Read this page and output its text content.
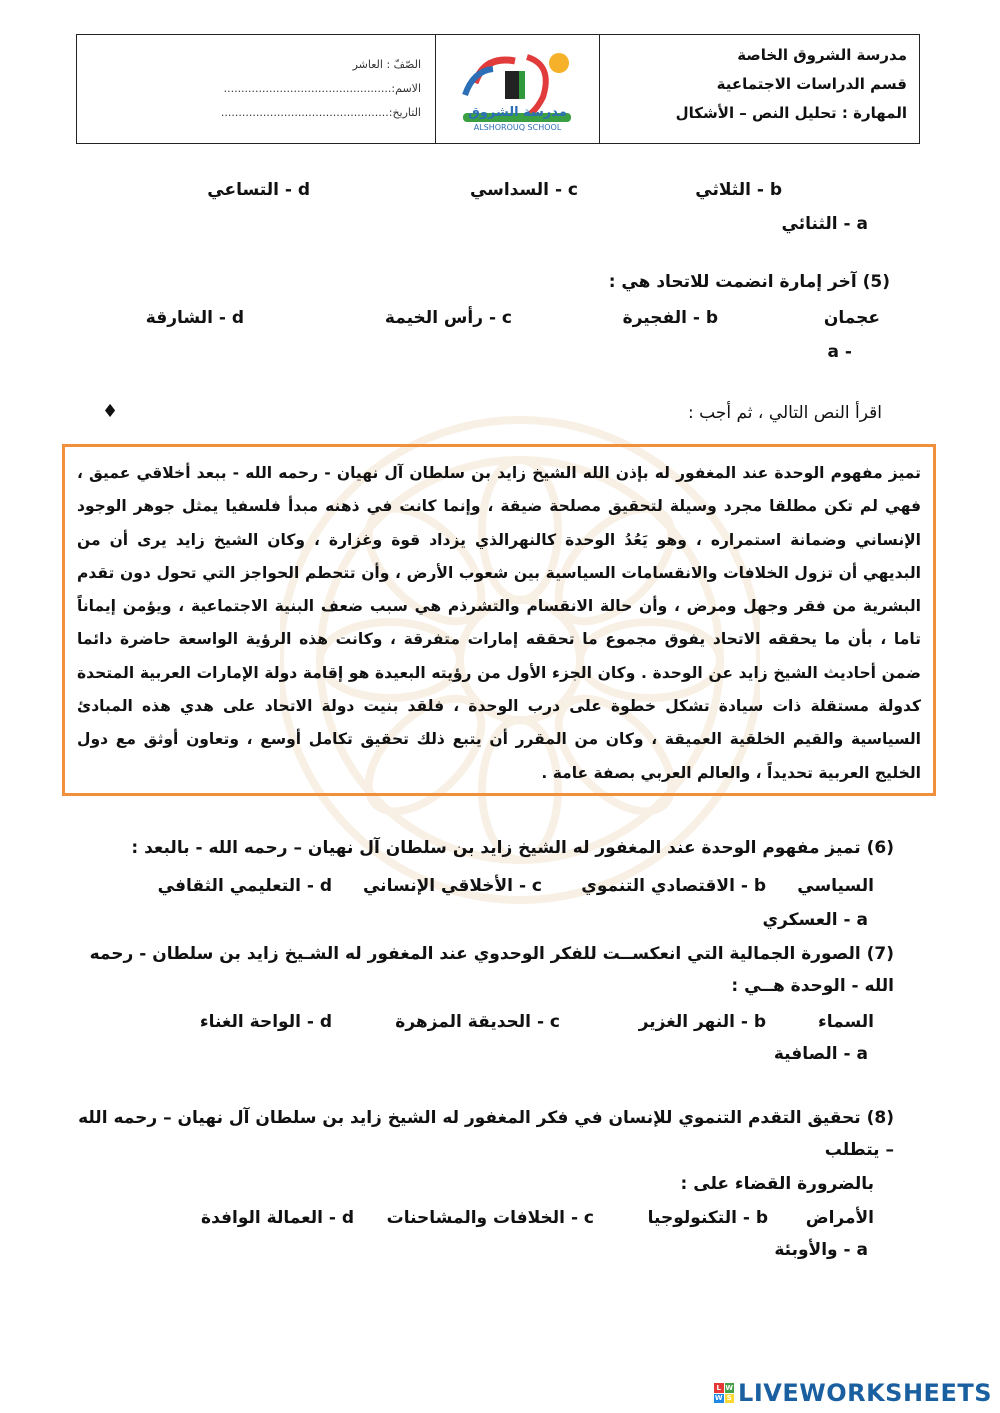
مدرسة الشروق الخاصة
قسم الدراسات الاجتماعية
المهارة : تحليل النص – الأشكال
مدرسة الشروق
ALSHOROUQ SCHOOL
الصّفّ : العاشر
الاسم:................................................
التاريخ:................................................
b - الثلاثي
c - السداسي
d - التساعي
a - الثنائي
(5) آخر إمارة انضمت للاتحاد هي :
عجمان
- a
b - الفجيرة
c - رأس الخيمة
d - الشارقة
اقرأ النص التالي ، ثم أجب :
♦
تميز مفهوم الوحدة عند المغفور له بإذن الله الشيخ زايد بن سلطان آل نهيان - رحمه الله - ببعد أخلاقي عميق ، فهي لم تكن مطلقا مجرد وسيلة لتحقيق مصلحة ضيقة ، وإنما كانت في ذهنه مبدأ فلسفيا يمثل جوهر الوجود الإنساني وضمانة استمراره ، وهو يَعُدُ الوحدة كالنهرالذي يزداد قوة وغزارة ، وكان الشيخ زايد يرى أن من البديهي أن تزول الخلافات والانقسامات السياسية بين شعوب الأرض ، وأن تتحطم الحواجز التي تحول دون تقدم البشرية من فقر وجهل ومرض ، وأن حالة الانقسام والتشرذم هي سبب ضعف البنية الاجتماعية ، ويؤمن إيماناً تاما ، بأن ما يحققه الاتحاد يفوق مجموع ما تحققه إمارات متفرقة ، وكانت هذه الرؤية الواسعة حاضرة دائما ضمن أحاديث الشيخ زايد عن الوحدة . وكان الجزء الأول من رؤيته البعيدة هو إقامة دولة الإمارات العربية المتحدة كدولة مستقلة ذات سيادة تشكل خطوة على درب الوحدة ، فلقد بنيت دولة الاتحاد على هدي هذه المبادئ السياسية والقيم الخلقية العميقة ، وكان من المقرر أن يتبع ذلك تحقيق تكامل أوسع ، وتعاون أوثق مع دول الخليج العربية تحديداً ، والعالم العربي بصفة عامة .
(6) تميز مفهوم الوحدة عند المغفور له الشيخ زايد بن سلطان آل نهيان – رحمه الله - بالبعد :
السياسي
a - العسكري
b - الاقتصادي التنموي
c - الأخلاقي الإنساني
d - التعليمي الثقافي
(7) الصورة الجمالية التي انعكســت للفكر الوحدوي عند المغفور له الشـيخ زايد بن سلطان - رحمه
الله - الوحدة هــي :
السماء
a - الصافية
b - النهر الغزير
c - الحديقة المزهرة
d - الواحة الغناء
(8) تحقيق التقدم التنموي للإنسان في فكر المغفور له الشيخ زايد بن سلطان آل نهيان – رحمه الله
– يتطلب
بالضرورة القضاء على :
الأمراض
a - والأوبئة
b - التكنولوجيا
c - الخلافات والمشاحنات
d - العمالة الوافدة
L W
W S LIVEWORKSHEETS
